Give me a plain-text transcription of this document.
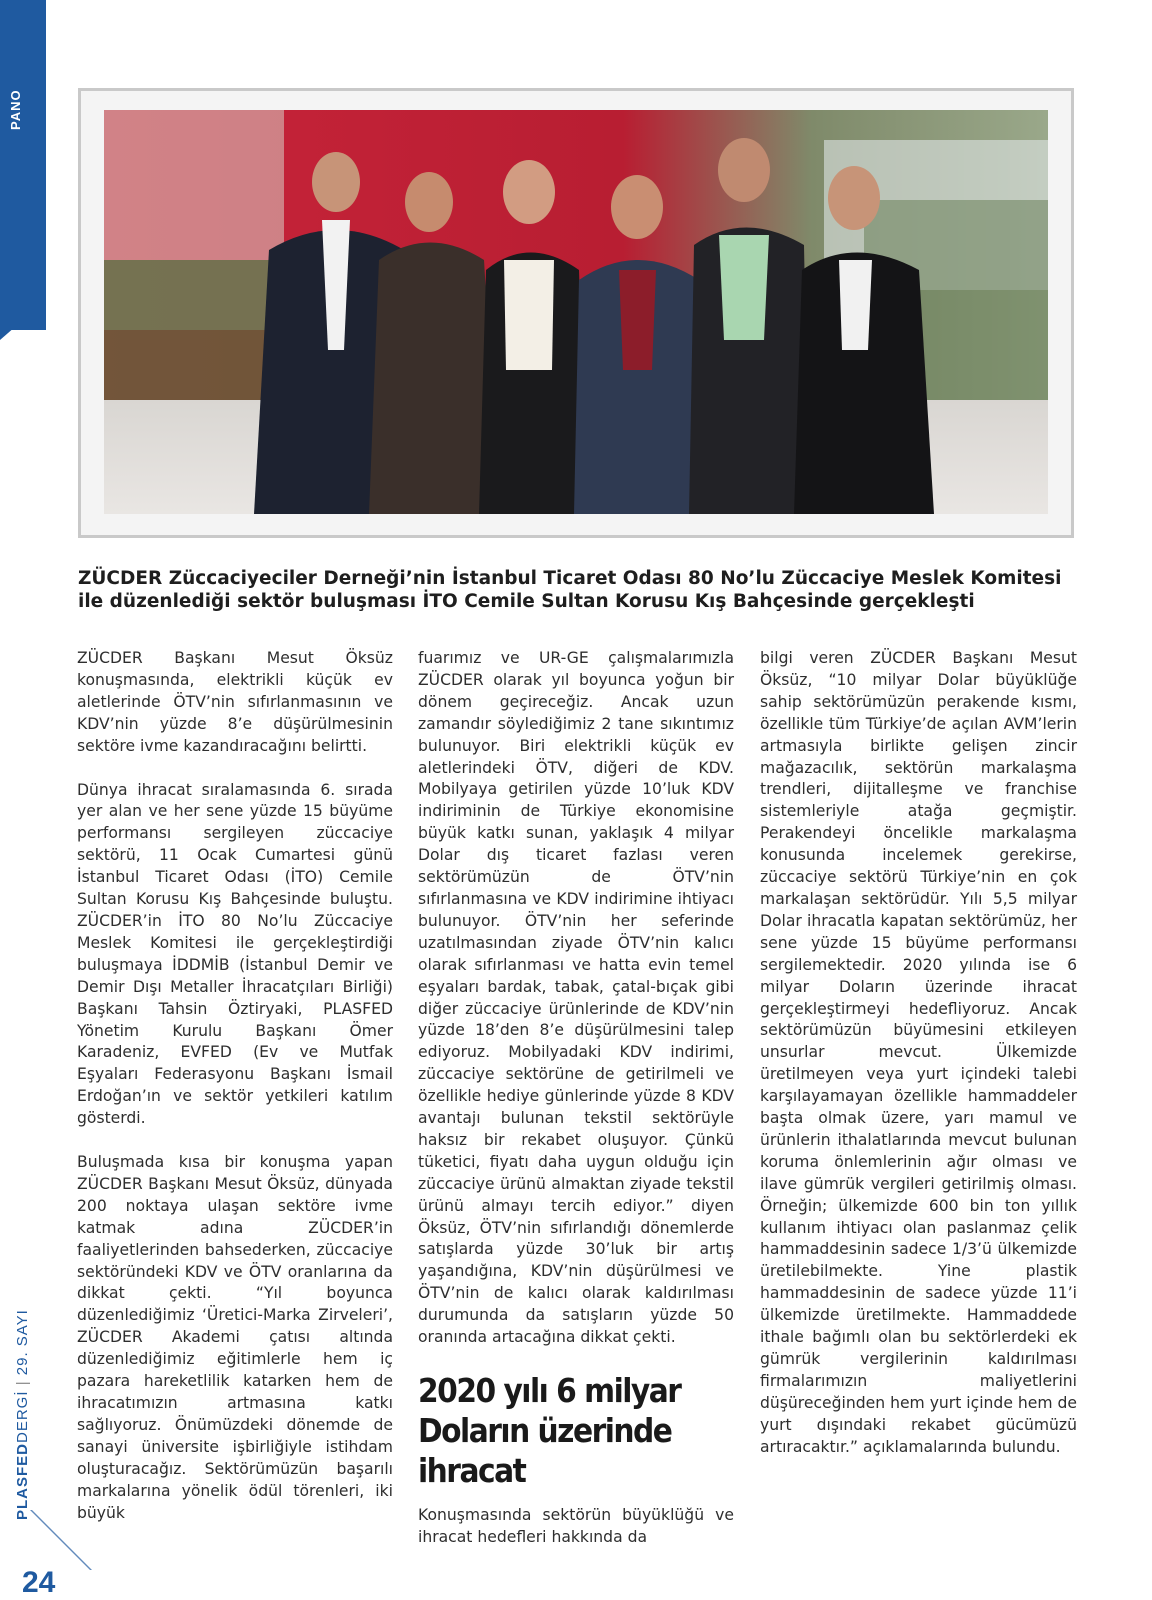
PANO
PLASFEDDERGİ | 29. SAYI
24
ZÜCDER Züccaciyeciler Derneği’nin İstanbul Ticaret Odası 80 No’lu Züccaciye Meslek Komitesi ile düzenlediği sektör buluşması İTO Cemile Sultan Korusu Kış Bahçesinde gerçekleşti

ZÜCDER Başkanı Mesut Öksüz konuşmasında, elektrikli küçük ev aletlerinde ÖTV’nin sıfırlanmasının ve KDV’nin yüzde 8’e düşürülmesinin sektöre ivme kazandıracağını belirtti.

Dünya ihracat sıralamasında 6. sırada yer alan ve her sene yüzde 15 büyüme performansı sergileyen züccaciye sektörü, 11 Ocak Cumartesi günü İstanbul Ticaret Odası (İTO) Cemile Sultan Korusu Kış Bahçesinde buluştu. ZÜCDER’in İTO 80 No’lu Züccaciye Meslek Komitesi ile gerçekleştirdiği buluşmaya İDDMİB (İstanbul Demir ve Demir Dışı Metaller İhracatçıları Birliği) Başkanı Tahsin Öztiryaki, PLASFED Yönetim Kurulu Başkanı Ömer Karadeniz, EVFED (Ev ve Mutfak Eşyaları Federasyonu Başkanı İsmail Erdoğan’ın ve sektör yetkileri katılım gösterdi.

Buluşmada kısa bir konuşma yapan ZÜCDER Başkanı Mesut Öksüz, dünyada 200 noktaya ulaşan sektöre ivme katmak adına ZÜCDER’in faaliyetlerinden bahsederken, züccaciye sektöründeki KDV ve ÖTV oranlarına da dikkat çekti. “Yıl boyunca düzenlediğimiz ‘Üretici-Marka Zirveleri’, ZÜCDER Akademi çatısı altında düzenlediğimiz eğitimlerle hem iç pazara hareketlilik katarken hem de ihracatımızın artmasına katkı sağlıyoruz. Önümüzdeki dönemde de sanayi üniversite işbirliğiyle istihdam oluşturacağız. Sektörümüzün başarılı markalarına yönelik ödül törenleri, iki büyük

fuarımız ve UR-GE çalışmalarımızla ZÜCDER olarak yıl boyunca yoğun bir dönem geçireceğiz. Ancak uzun zamandır söylediğimiz 2 tane sıkıntımız bulunuyor. Biri elektrikli küçük ev aletlerindeki ÖTV, diğeri de KDV. Mobilyaya getirilen yüzde 10’luk KDV indiriminin de Türkiye ekonomisine büyük katkı sunan, yaklaşık 4 milyar Dolar dış ticaret fazlası veren sektörümüzün de ÖTV’nin sıfırlanmasına ve KDV indirimine ihtiyacı bulunuyor. ÖTV’nin her seferinde uzatılmasından ziyade ÖTV’nin kalıcı olarak sıfırlanması ve hatta evin temel eşyaları bardak, tabak, çatal-bıçak gibi diğer züccaciye ürünlerinde de KDV’nin yüzde 18’den 8’e düşürülmesini talep ediyoruz. Mobilyadaki KDV indirimi, züccaciye sektörüne de getirilmeli ve özellikle hediye günlerinde yüzde 8 KDV avantajı bulunan tekstil sektörüyle haksız bir rekabet oluşuyor. Çünkü tüketici, fiyatı daha uygun olduğu için züccaciye ürünü almaktan ziyade tekstil ürünü almayı tercih ediyor.” diyen Öksüz, ÖTV’nin sıfırlandığı dönemlerde satışlarda yüzde 30’luk bir artış yaşandığına, KDV’nin düşürülmesi ve ÖTV’nin de kalıcı olarak kaldırılması durumunda da satışların yüzde 50 oranında artacağına dikkat çekti.

2020 yılı 6 milyar Doların üzerinde ihracat

Konuşmasında sektörün büyüklüğü ve ihracat hedefleri hakkında da

bilgi veren ZÜCDER Başkanı Mesut Öksüz, “10 milyar Dolar büyüklüğe sahip sektörümüzün perakende kısmı, özellikle tüm Türkiye’de açılan AVM’lerin artmasıyla birlikte gelişen zincir mağazacılık, sektörün markalaşma trendleri, dijitalleşme ve franchise sistemleriyle atağa geçmiştir. Perakendeyi öncelikle markalaşma konusunda incelemek gerekirse, züccaciye sektörü Türkiye’nin en çok markalaşan sektörüdür. Yılı 5,5 milyar Dolar ihracatla kapatan sektörümüz, her sene yüzde 15 büyüme performansı sergilemektedir. 2020 yılında ise 6 milyar Doların üzerinde ihracat gerçekleştirmeyi hedefliyoruz. Ancak sektörümüzün büyümesini etkileyen unsurlar mevcut. Ülkemizde üretilmeyen veya yurt içindeki talebi karşılayamayan özellikle hammaddeler başta olmak üzere, yarı mamul ve ürünlerin ithalatlarında mevcut bulunan koruma önlemlerinin ağır olması ve ilave gümrük vergileri getirilmiş olması. Örneğin; ülkemizde 600 bin ton yıllık kullanım ihtiyacı olan paslanmaz çelik hammaddesinin sadece 1/3’ü ülkemizde üretilebilmekte. Yine plastik hammaddesinin de sadece yüzde 11’i ülkemizde üretilmekte. Hammaddede ithale bağımlı olan bu sektörlerdeki ek gümrük vergilerinin kaldırılması firmalarımızın maliyetlerini düşüreceğinden hem yurt içinde hem de yurt dışındaki rekabet gücümüzü artıracaktır.” açıklamalarında bulundu.
